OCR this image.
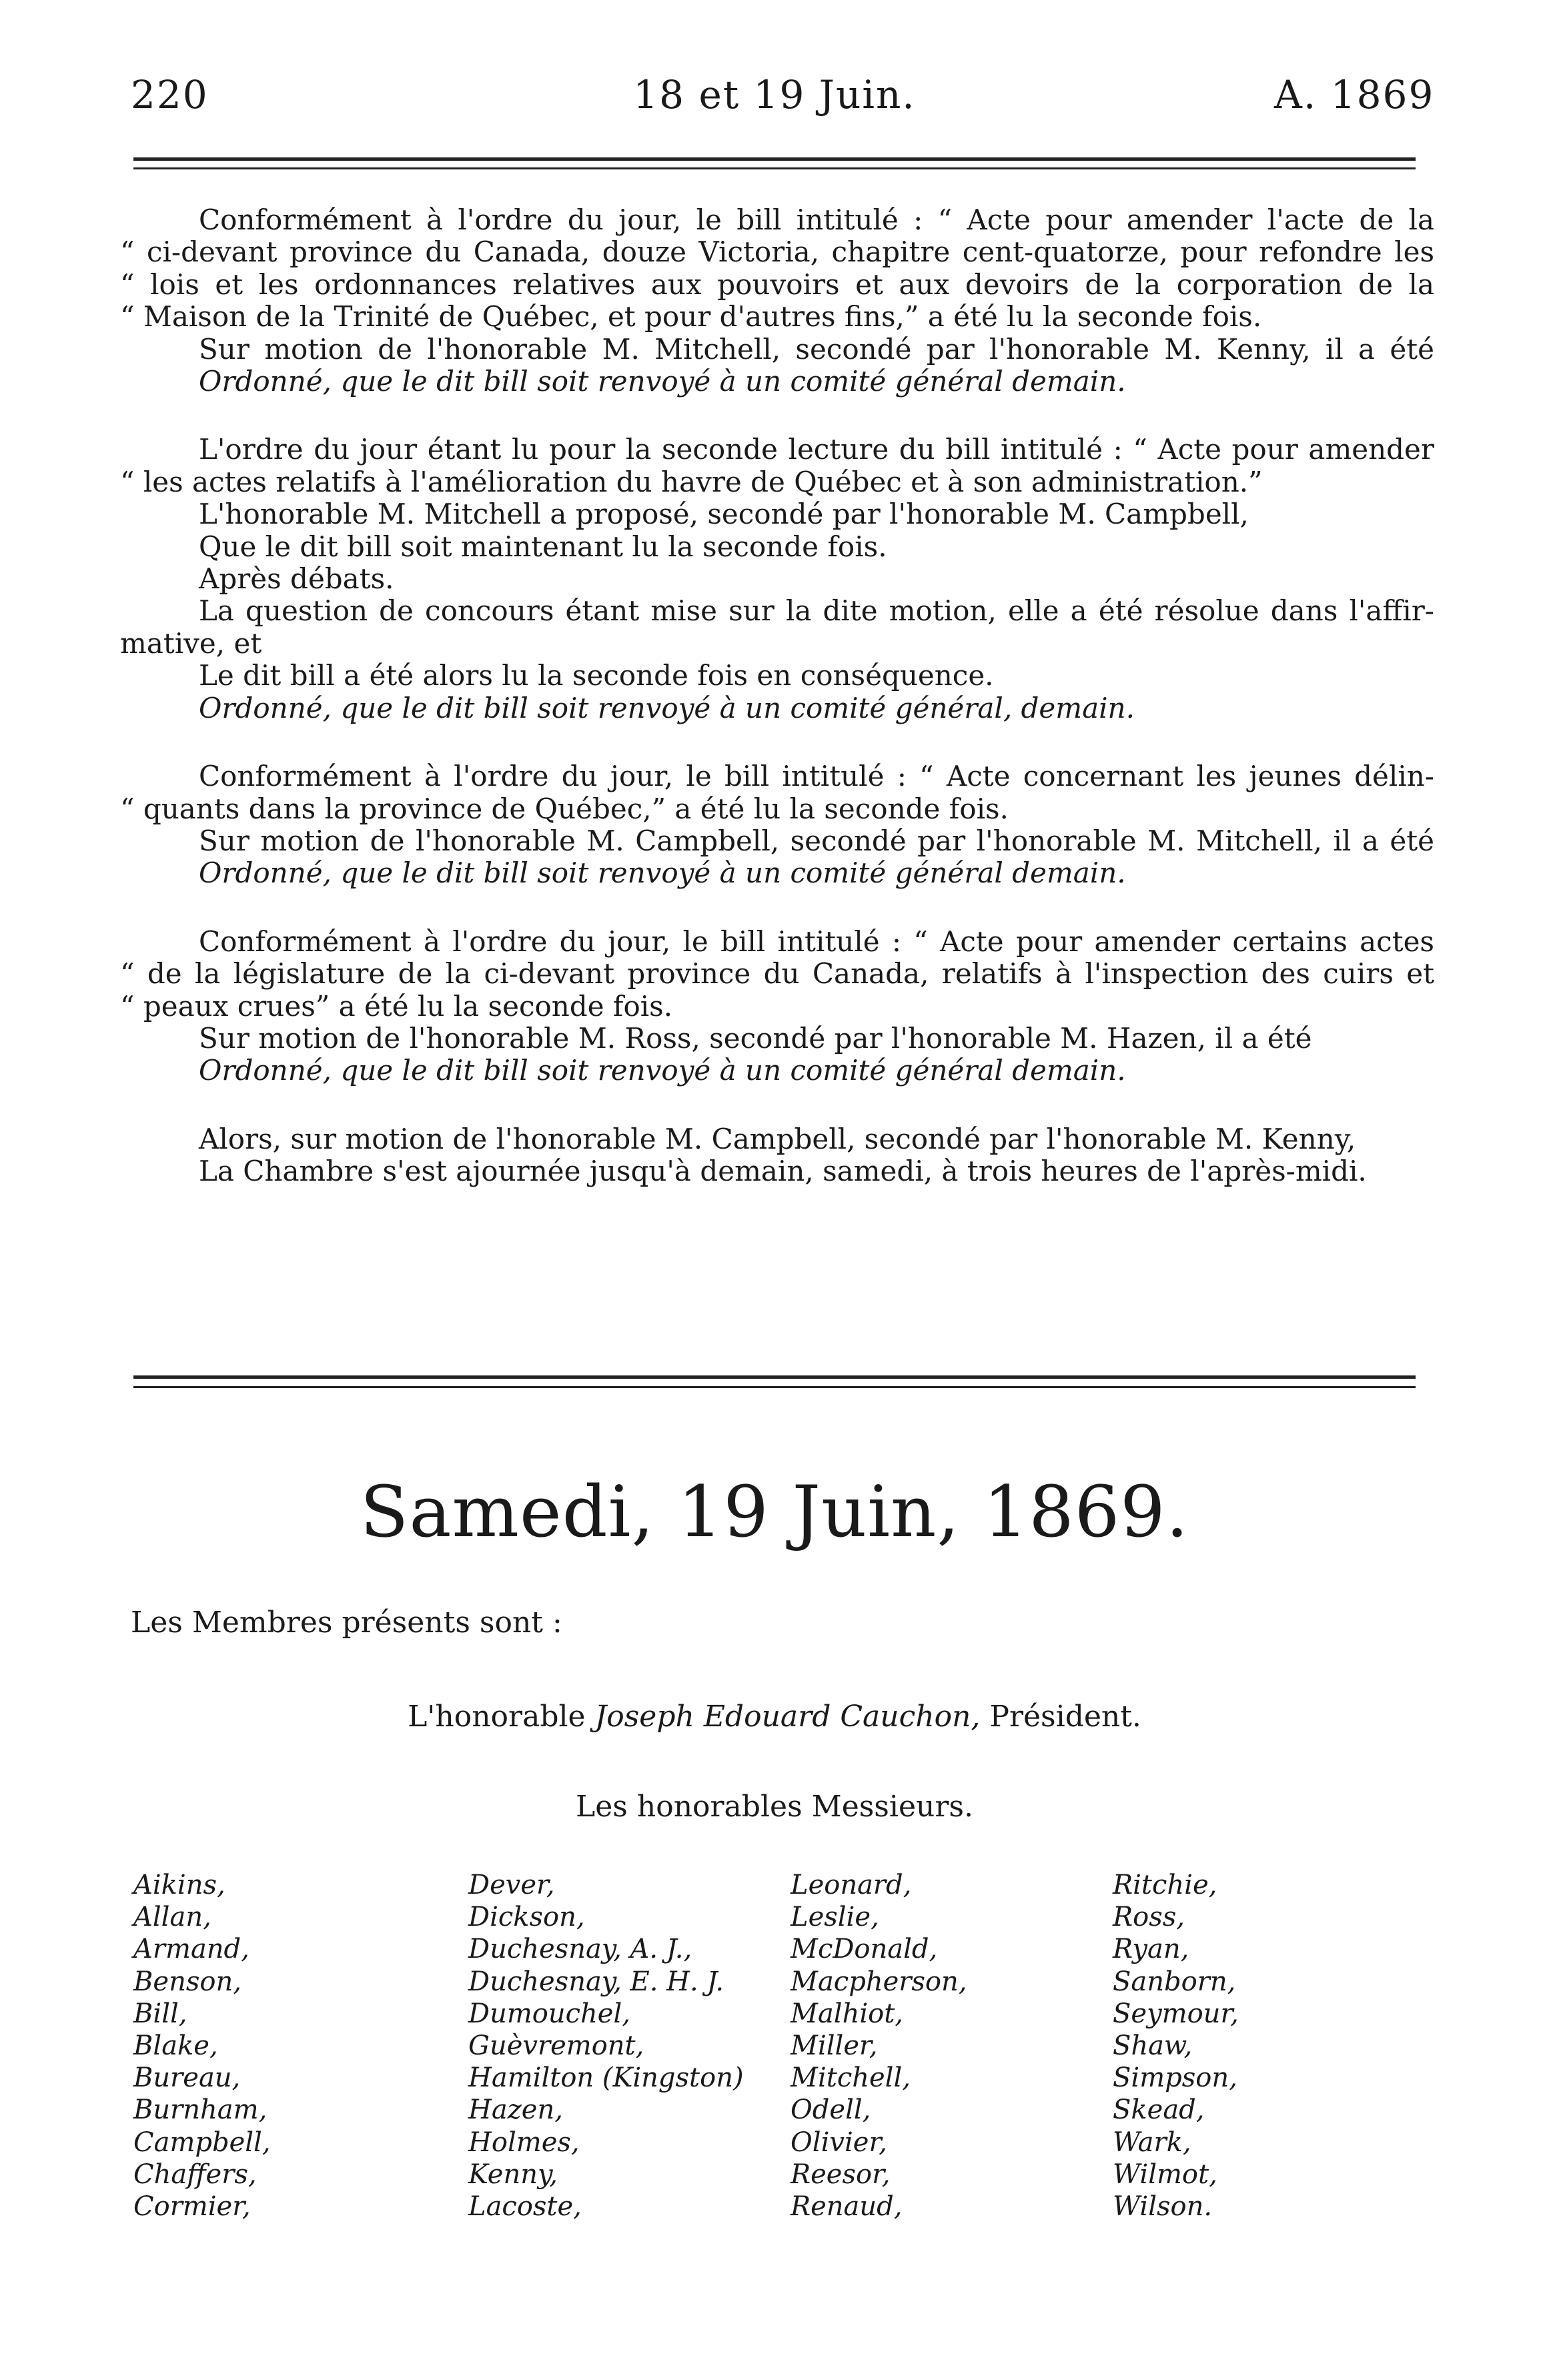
220	18 et 19 Juin.	A. 1869
Conformément à l'ordre du jour, le bill intitulé : “ Acte pour amender l'acte de la
“ ci-devant province du Canada, douze Victoria, chapitre cent-quatorze, pour refondre les
“ lois et les ordonnances relatives aux pouvoirs et aux devoirs de la corporation de la
“ Maison de la Trinité de Québec, et pour d'autres fins,” a été lu la seconde fois.
Sur motion de l'honorable M. Mitchell, secondé par l'honorable M. Kenny, il a été
Ordonné, que le dit bill soit renvoyé à un comité général demain.
L'ordre du jour étant lu pour la seconde lecture du bill intitulé : “ Acte pour amender
“ les actes relatifs à l'amélioration du havre de Québec et à son administration.”
L'honorable M. Mitchell a proposé, secondé par l'honorable M. Campbell,
Que le dit bill soit maintenant lu la seconde fois.
Après débats.
La question de concours étant mise sur la dite motion, elle a été résolue dans l'affir-
mative, et
Le dit bill a été alors lu la seconde fois en conséquence.
Ordonné, que le dit bill soit renvoyé à un comité général, demain.
Conformément à l'ordre du jour, le bill intitulé : “ Acte concernant les jeunes délin-
“ quants dans la province de Québec,” a été lu la seconde fois.
Sur motion de l'honorable M. Campbell, secondé par l'honorable M. Mitchell, il a été
Ordonné, que le dit bill soit renvoyé à un comité général demain.
Conformément à l'ordre du jour, le bill intitulé : “ Acte pour amender certains actes
“ de la législature de la ci-devant province du Canada, relatifs à l'inspection des cuirs et
“ peaux crues” a été lu la seconde fois.
Sur motion de l'honorable M. Ross, secondé par l'honorable M. Hazen, il a été
Ordonné, que le dit bill soit renvoyé à un comité général demain.
Alors, sur motion de l'honorable M. Campbell, secondé par l'honorable M. Kenny,
La Chambre s'est ajournée jusqu'à demain, samedi, à trois heures de l'après-midi.
Samedi, 19 Juin, 1869.
Les Membres présents sont :
L'honorable Joseph Edouard Cauchon, Président.
Les honorables Messieurs.
Aikins,
Allan,
Armand,
Benson,
Bill,
Blake,
Bureau,
Burnham,
Campbell,
Chaffers,
Cormier,
Dever,
Dickson,
Duchesnay, A. J.,
Duchesnay, E. H. J.
Dumouchel,
Guèvremont,
Hamilton (Kingston)
Hazen,
Holmes,
Kenny,
Lacoste,
Leonard,
Leslie,
McDonald,
Macpherson,
Malhiot,
Miller,
Mitchell,
Odell,
Olivier,
Reesor,
Renaud,
Ritchie,
Ross,
Ryan,
Sanborn,
Seymour,
Shaw,
Simpson,
Skead,
Wark,
Wilmot,
Wilson.
